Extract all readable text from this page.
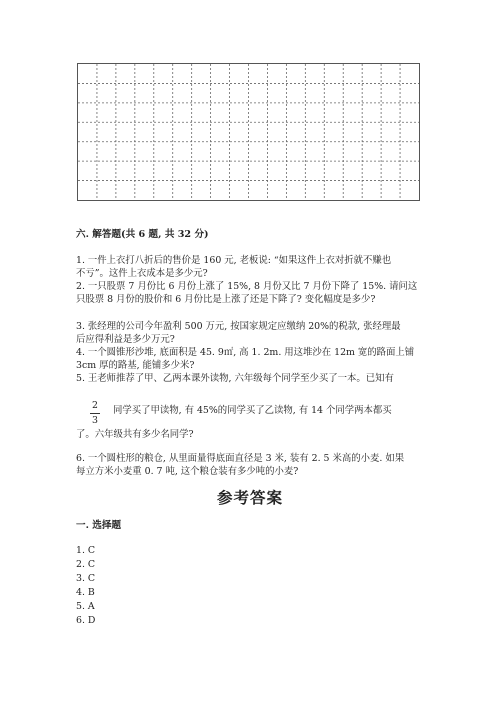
六. 解答题(共 6 题, 共 32 分)
1. 一件上衣打八折后的售价是 160 元, 老板说: “如果这件上衣对折就不赚也
不亏”。这件上衣成本是多少元?
2. 一只股票 7 月份比 6 月份上涨了 15%, 8 月份又比 7 月份下降了 15%. 请问这
只股票 8 月份的股价和 6 月份比是上涨了还是下降了? 变化幅度是多少?
3. 张经理的公司今年盈利 500 万元, 按国家规定应缴纳 20%的税款, 张经理最
后应得利益是多少万元?
4. 一个圆锥形沙堆, 底面积是 45. 9㎡, 高 1. 2m. 用这堆沙在 12m 宽的路面上铺
3cm 厚的路基, 能铺多少米?
5. 王老师推荐了甲、乙两本课外读物, 六年级每个同学至少买了一本。已知有
2
3
同学买了甲读物, 有 45%的同学买了乙读物, 有 14 个同学两本都买
了。六年级共有多少名同学?
6. 一个圆柱形的粮仓, 从里面量得底面直径是 3 米, 装有 2. 5 米高的小麦. 如果
每立方米小麦重 0. 7 吨, 这个粮仓装有多少吨的小麦?
参考答案
一. 选择题
1. C
2. C
3. C
4. B
5. A
6. D
